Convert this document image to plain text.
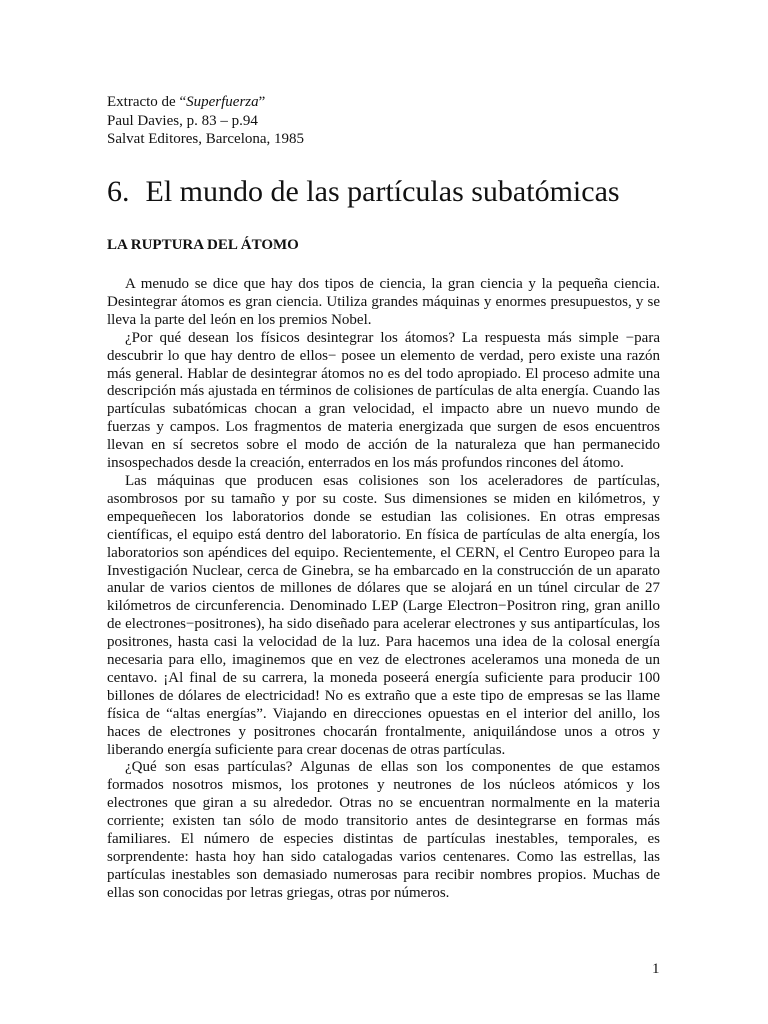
Extracto de “Superfuerza”
Paul Davies, p. 83 – p.94
Salvat Editores, Barcelona, 1985
6. El mundo de las partículas subatómicas
LA RUPTURA DEL ÁTOMO

A menudo se dice que hay dos tipos de ciencia, la gran ciencia y la pequeña ciencia. Desintegrar átomos es gran ciencia. Utiliza grandes máquinas y enormes presupuestos, y se lleva la parte del león en los premios Nobel.

¿Por qué desean los físicos desintegrar los átomos? La respuesta más simple −para descubrir lo que hay dentro de ellos− posee un elemento de verdad, pero existe una razón más general. Hablar de desintegrar átomos no es del todo apropiado. El proceso admite una descripción más ajustada en términos de colisiones de partículas de alta energía. Cuando las partículas subatómicas chocan a gran velocidad, el impacto abre un nuevo mundo de fuerzas y campos. Los fragmentos de materia energizada que surgen de esos encuentros llevan en sí secretos sobre el modo de acción de la naturaleza que han permanecido insospechados desde la creación, enterrados en los más profundos rincones del átomo.

Las máquinas que producen esas colisiones son los aceleradores de partículas, asombrosos por su tamaño y por su coste. Sus dimensiones se miden en kilómetros, y empequeñecen los laboratorios donde se estudian las colisiones. En otras empresas científicas, el equipo está dentro del laboratorio. En física de partículas de alta energía, los laboratorios son apéndices del equipo. Recientemente, el CERN, el Centro Europeo para la Investigación Nuclear, cerca de Ginebra, se ha embarcado en la construcción de un aparato anular de varios cientos de millones de dólares que se alojará en un túnel circular de 27 kilómetros de circunferencia. Denominado LEP (Large Electron−Positron ring, gran anillo de electrones−positrones), ha sido diseñado para acelerar electrones y sus antipartículas, los positrones, hasta casi la velocidad de la luz. Para hacemos una idea de la colosal energía necesaria para ello, imaginemos que en vez de electrones aceleramos una moneda de un centavo. ¡Al final de su carrera, la moneda poseerá energía suficiente para producir 100 billones de dólares de electricidad! No es extraño que a este tipo de empresas se las llame física de “altas energías”. Viajando en direcciones opuestas en el interior del anillo, los haces de electrones y positrones chocarán frontalmente, aniquilándose unos a otros y liberando energía suficiente para crear docenas de otras partículas.

¿Qué son esas partículas? Algunas de ellas son los componentes de que estamos formados nosotros mismos, los protones y neutrones de los núcleos atómicos y los electrones que giran a su alrededor. Otras no se encuentran normalmente en la materia corriente; existen tan sólo de modo transitorio antes de desintegrarse en formas más familiares. El número de especies distintas de partículas inestables, temporales, es sorprendente: hasta hoy han sido catalogadas varios centenares. Como las estrellas, las partículas inestables son demasiado numerosas para recibir nombres propios. Muchas de ellas son conocidas por letras griegas, otras por números.

1
